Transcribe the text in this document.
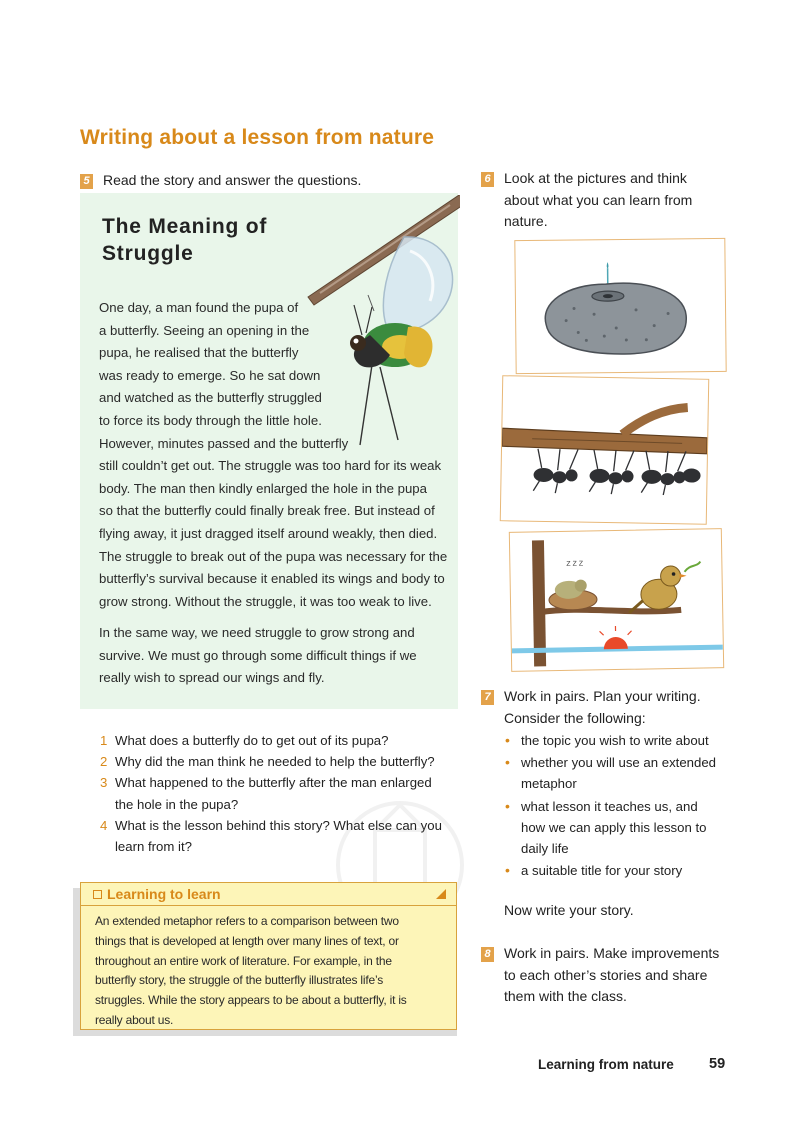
Writing about a lesson from nature
5 Read the story and answer the questions.
The Meaning of
Struggle
One day, a man found the pupa of
a butterfly. Seeing an opening in the
pupa, he realised that the butterfly
was ready to emerge. So he sat down
and watched as the butterfly struggled
to force its body through the little hole.
However, minutes passed and the butterfly
still couldn’t get out. The struggle was too hard for its weak
body. The man then kindly enlarged the hole in the pupa
so that the butterfly could finally break free. But instead of
flying away, it just dragged itself around weakly, then died.
The struggle to break out of the pupa was necessary for the
butterfly’s survival because it enabled its wings and body to
grow strong. Without the struggle, it was too weak to live.
In the same way, we need struggle to grow strong and
survive. We must go through some difficult things if we
really wish to spread our wings and fly.
1 What does a butterfly do to get out of its pupa?
2 Why did the man think he needed to help the butterfly?
3 What happened to the butterfly after the man enlarged
the hole in the pupa?
4 What is the lesson behind this story? What else can you
learn from it?
Learning to learn
An extended metaphor refers to a comparison between two
things that is developed at length over many lines of text, or
throughout an entire work of literature. For example, in the
butterfly story, the struggle of the butterfly illustrates life’s
struggles. While the story appears to be about a butterfly, it is
really about us.
6 Look at the pictures and think
about what you can learn from
nature.
Z Z Z
7 Work in pairs. Plan your writing.
Consider the following:
• the topic you wish to write about
• whether you will use an extended
metaphor
• what lesson it teaches us, and
how we can apply this lesson to
daily life
• a suitable title for your story
Now write your story.
8 Work in pairs. Make improvements
to each other’s stories and share
them with the class.
Learning from nature 59
